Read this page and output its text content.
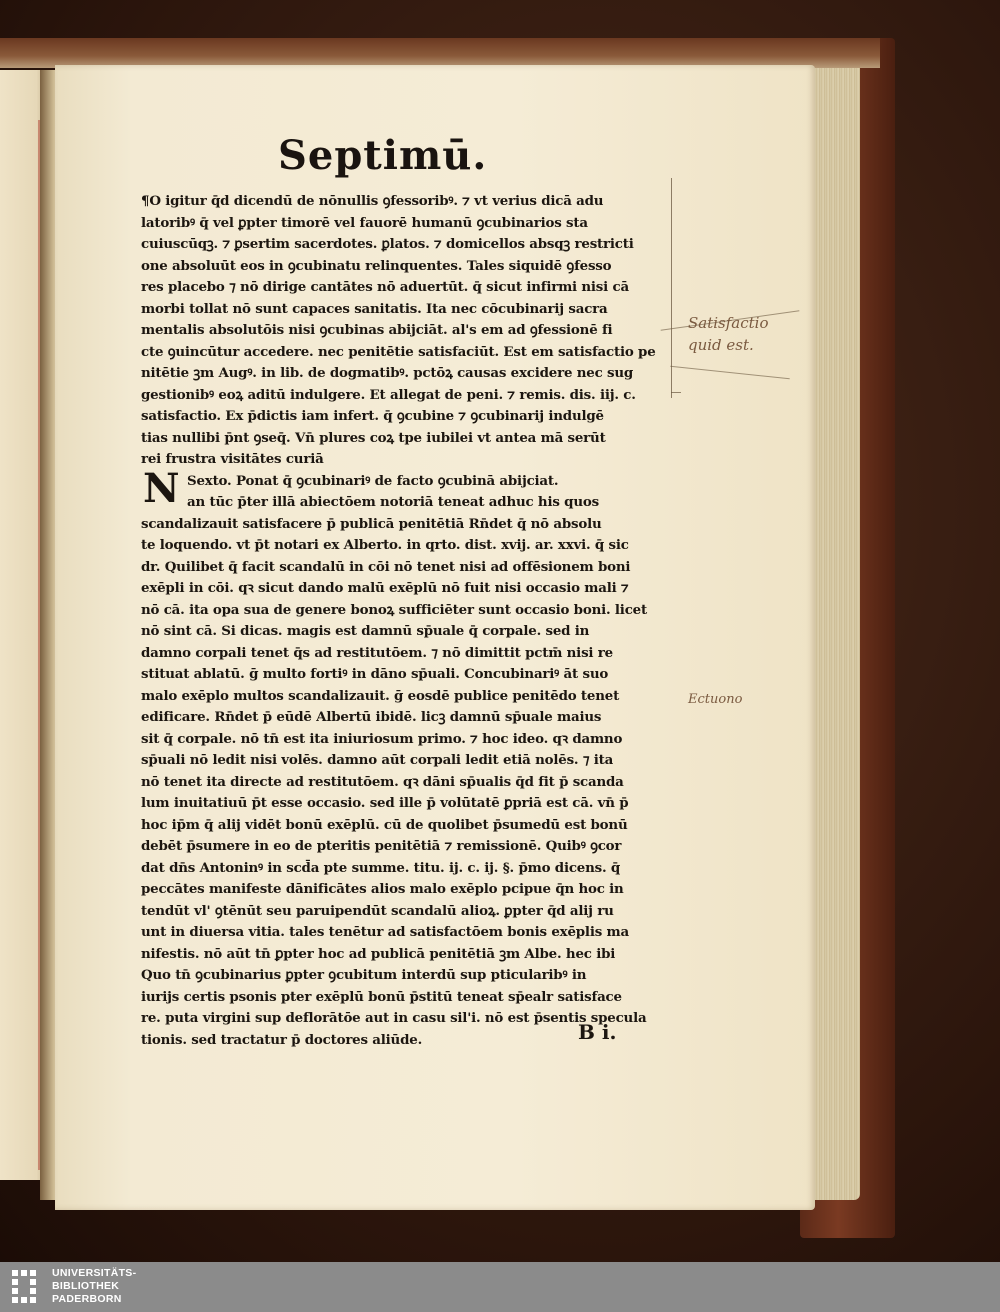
Septimū.
N
¶O igitur q̄d dicendū de nōnullis ꝯfessoribꝰ. ⁊ vt verius dicā adu
latoribꝰ q̄ vel ꝑpter timorē vel fauorē humanū ꝯcubinarios sta
cuiuscūqꝫ. ⁊ ꝑsertim sacerdotes. ꝑlatos. ⁊ domicellos absqꝫ restricti
one absoluūt eos in ꝯcubinatu relinquentes. Tales siquidē ꝯfesso
res placebo ⁊ nō dirige cantātes nō aduertūt. q̄ sicut infirmi nisi cā
morbi tollat nō sunt capaces sanitatis. Ita nec cōcubinarij sacra
mentalis absolutōis nisi ꝯcubinas abijciāt. al's em ad ꝯfessionē fi
cte ꝯuincūtur accedere. nec penitētie satisfaciūt. Est em satisfactio pe
nitētie ꝫm Augꝰ. in lib. de dogmatibꝰ. pctōꝝ causas excidere nec sug
gestionibꝰ eoꝝ aditū indulgere. Et allegat de peni. ⁊ remis. dis. iij. c.
satisfactio. Ex p̄dictis iam infert. q̄ ꝯcubine ⁊ ꝯcubinarij indulgē
tias nullibi p̄nt ꝯseq̄. Vn̄ plures coꝝ tpe iubilei vt antea mā serūt
rei frustra visitātes curiā
Sexto. Ponat q̄ ꝯcubinariꝰ de facto ꝯcubinā abijciat.
an tūc p̄ter illā abiectōem notoriā teneat adhuc his quos
scandalizauit satisfacere p̄ publicā penitētiā Rn̄det q̄ nō absolu
te loquendo. vt p̄t notari ex Alberto. in qrto. dist. xvij. ar. xxvi. q̄ sic
dr. Quilibet q̄ facit scandalū in cōi nō tenet nisi ad offēsionem boni
exēpli in cōi. qꝛ sicut dando malū exēplū nō fuit nisi occasio mali ⁊
nō cā. ita opa sua de genere bonoꝝ sufficiēter sunt occasio boni. licet
nō sint cā. Si dicas. magis est damnū sp̄uale q̄ corpale. sed in
damno corpali tenet q̄s ad restitutōem. ⁊ nō dimittit pctm̄ nisi re
stituat ablatū. ḡ multo fortiꝰ in dāno sp̄uali. Concubinariꝰ āt suo
malo exēplo multos scandalizauit. ḡ eosdē publice penitēdo tenet
edificare. Rn̄det p̄ eūdē Albertū ibidē. licꝫ damnū sp̄uale maius
sit q̄ corpale. nō tn̄ est ita iniuriosum primo. ⁊ hoc ideo. qꝛ damno
sp̄uali nō ledit nisi volēs. damno aūt corpali ledit etiā nolēs. ⁊ ita
nō tenet ita directe ad restitutōem. qꝛ dāni sp̄ualis q̄d fit p̄ scanda
lum inuitatiuū p̄t esse occasio. sed ille p̄ volūtatē ꝑpriā est cā. vn̄ p̄
hoc ip̄m q̄ alij vidēt bonū exēplū. cū de quolibet p̄sumedū est bonū
debēt p̄sumere in eo de pteritis penitētiā ⁊ remissionē. Quibꝰ ꝯcor
dat dn̄s Antoninꝰ in scd̄a pte summe. titu. ij. c. ij. §. p̄mo dicens. q̄
peccātes manifeste dānificātes alios malo exēplo pcipue q̄n hoc in
tendūt vl' ꝯtēnūt seu paruipendūt scandalū alioꝝ. ꝑpter q̄d alij ru
unt in diuersa vitia. tales tenētur ad satisfactōem bonis exēplis ma
nifestis. nō aūt tn̄ ꝑpter hoc ad publicā penitētiā ꝫm Albe. hec ibi
Quo tn̄ ꝯcubinarius ꝑpter ꝯcubitum interdū sup pticularibꝰ in
iurijs certis psonis pter exēplū bonū p̄stitū teneat sp̄ealr satisface
re. puta virgini sup deflorātōe aut in casu sil'i. nō est p̄sentis specula
tionis. sed tractatur p̄ doctores aliūde.
Satisfactio quid est.
Ectuono
B i.
UNIVERSITÄTS-
BIBLIOTHEK
PADERBORN
